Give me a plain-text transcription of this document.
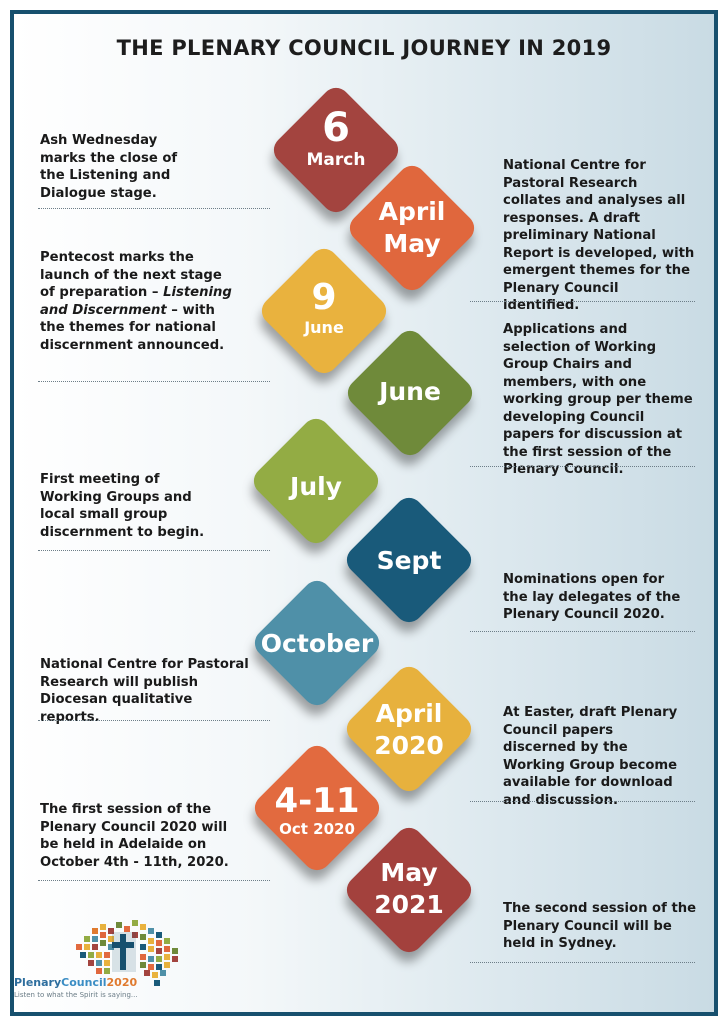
THE PLENARY COUNCIL JOURNEY IN 2019
6
March
April
May
9
June
June
July
Sept
October
April
2020
4-11
Oct 2020
May
2021
Ash Wednesday marks the close of the Listening and Dialogue stage.
Pentecost marks the launch of the next stage of preparation – Listening and Discernment – with the themes for national discernment announced.
First meeting of Working Groups and local small group discernment to begin.
National Centre for Pastoral Research will publish Diocesan qualitative reports.
The first session of the Plenary Council 2020 will be held in Adelaide on October 4th - 11th, 2020.
National Centre for Pastoral Research collates and analyses all responses. A draft preliminary National Report is developed, with emergent themes for the Plenary Council identified.
Applications and selection of Working Group Chairs and members, with one working group per theme developing Council papers for discussion at the first session of the Plenary Council.
Nominations open for the lay delegates of the Plenary Council 2020.
At Easter, draft Plenary Council papers discerned by the Working Group become available for download and discussion.
The second session of the Plenary Council will be held in Sydney.
PlenaryCouncil2020
Listen to what the Spirit is saying...
